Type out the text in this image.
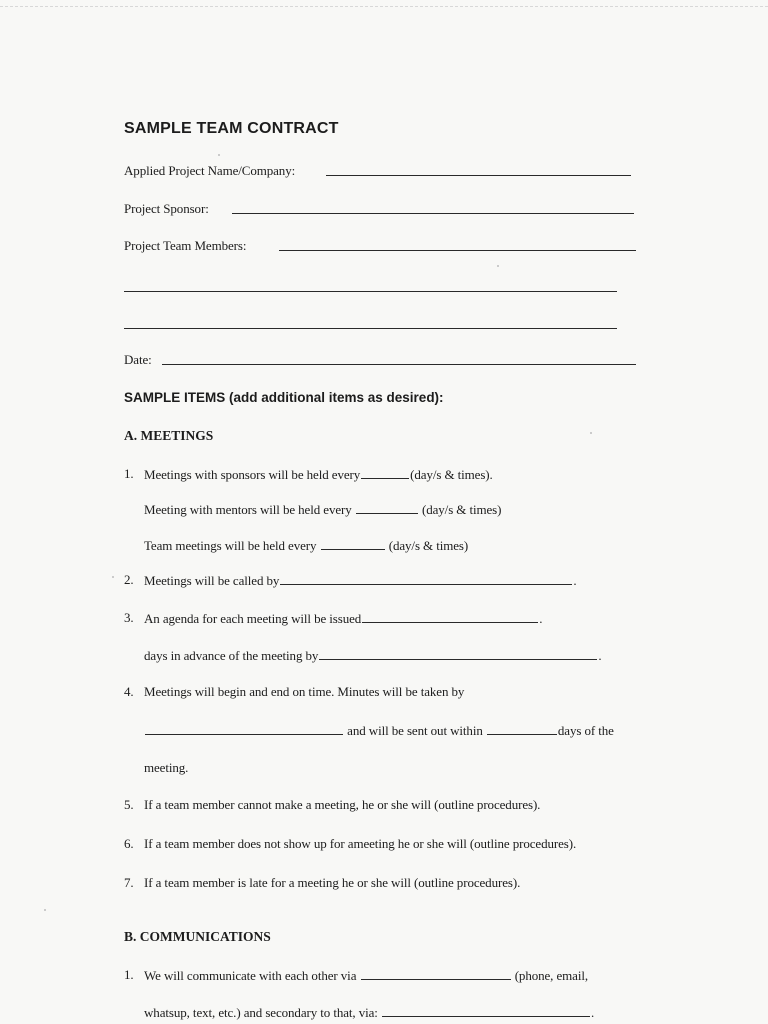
SAMPLE TEAM CONTRACT
Applied Project Name/Company:
Project Sponsor:
Project Team Members:
Date:
SAMPLE ITEMS (add additional items as desired):
A. MEETINGS
1. Meetings with sponsors will be held every	(day/s & times).
Meeting with mentors will be held every	(day/s & times)
Team meetings will be held every	(day/s & times)
2. Meetings will be called by	.
3. An agenda for each meeting will be issued	.
days in advance of the meeting by	.
4. Meetings will begin and end on time. Minutes will be taken by
and will be sent out within	days of the
meeting.
5. If a team member cannot make a meeting, he or she will (outline procedures).
6. If a team member does not show up for ameeting he or she will (outline procedures).
7. If a team member is late for a meeting he or she will (outline procedures).
B. COMMUNICATIONS
1. We will communicate with each other via	(phone, email,
whatsup, text, etc.) and secondary to that, via:	.
